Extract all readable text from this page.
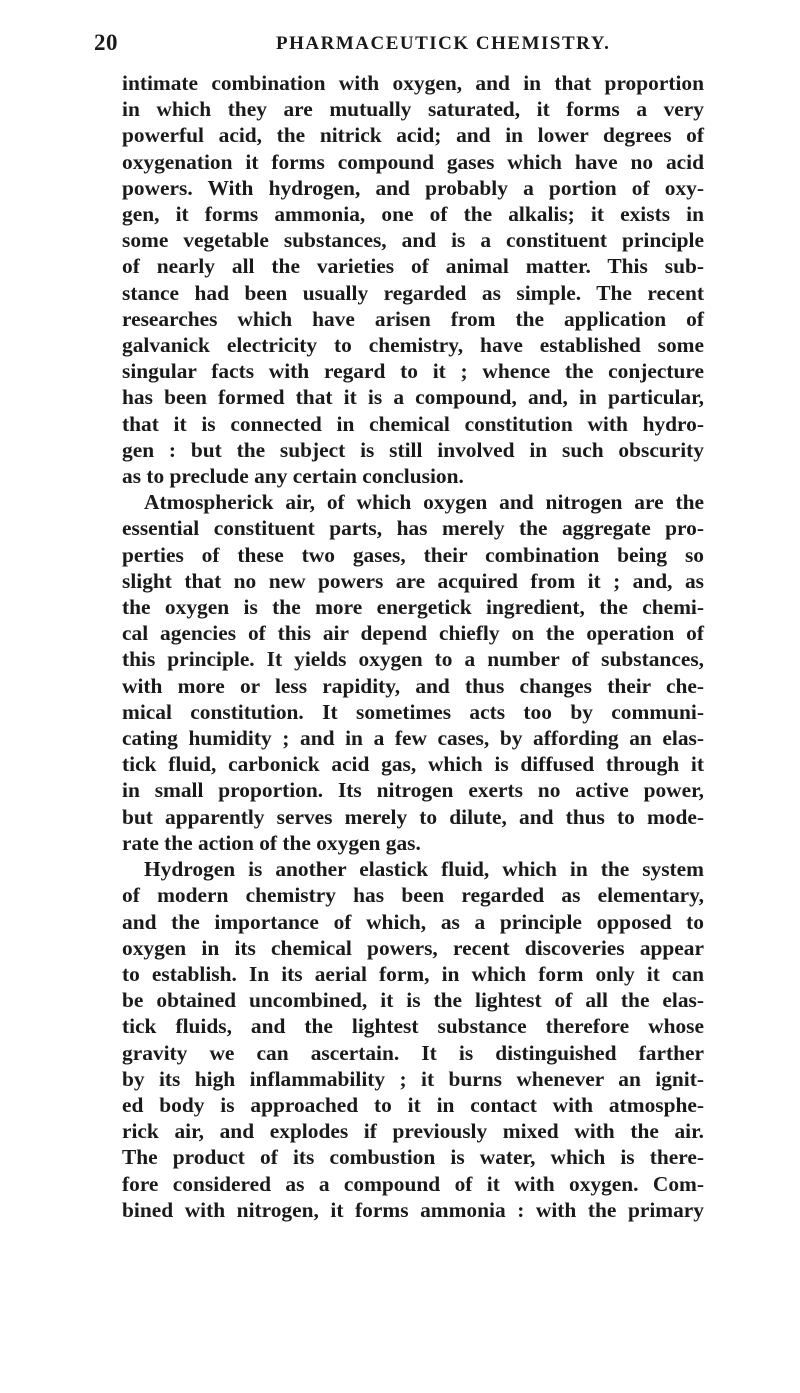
20	PHARMACEUTICK CHEMISTRY.

intimate combination with oxygen, and in that proportion
in which they are mutually saturated, it forms a very
powerful acid, the nitrick acid; and in lower degrees of
oxygenation it forms compound gases which have no acid
powers. With hydrogen, and probably a portion of oxy-
gen, it forms ammonia, one of the alkalis; it exists in
some vegetable substances, and is a constituent principle
of nearly all the varieties of animal matter. This sub-
stance had been usually regarded as simple. The recent
researches which have arisen from the application of
galvanick electricity to chemistry, have established some
singular facts with regard to it ; whence the conjecture
has been formed that it is a compound, and, in particular,
that it is connected in chemical constitution with hydro-
gen : but the subject is still involved in such obscurity
as to preclude any certain conclusion.

Atmospherick air, of which oxygen and nitrogen are the
essential constituent parts, has merely the aggregate pro-
perties of these two gases, their combination being so
slight that no new powers are acquired from it ; and, as
the oxygen is the more energetick ingredient, the chemi-
cal agencies of this air depend chiefly on the operation of
this principle. It yields oxygen to a number of substances,
with more or less rapidity, and thus changes their che-
mical constitution. It sometimes acts too by communi-
cating humidity ; and in a few cases, by affording an elas-
tick fluid, carbonick acid gas, which is diffused through it
in small proportion. Its nitrogen exerts no active power,
but apparently serves merely to dilute, and thus to mode-
rate the action of the oxygen gas.

Hydrogen is another elastick fluid, which in the system
of modern chemistry has been regarded as elementary,
and the importance of which, as a principle opposed to
oxygen in its chemical powers, recent discoveries appear
to establish. In its aerial form, in which form only it can
be obtained uncombined, it is the lightest of all the elas-
tick fluids, and the lightest substance therefore whose
gravity we can ascertain. It is distinguished farther
by its high inflammability ; it burns whenever an ignit-
ed body is approached to it in contact with atmosphe-
rick air, and explodes if previously mixed with the air.
The product of its combustion is water, which is there-
fore considered as a compound of it with oxygen. Com-
bined with nitrogen, it forms ammonia : with the primary
